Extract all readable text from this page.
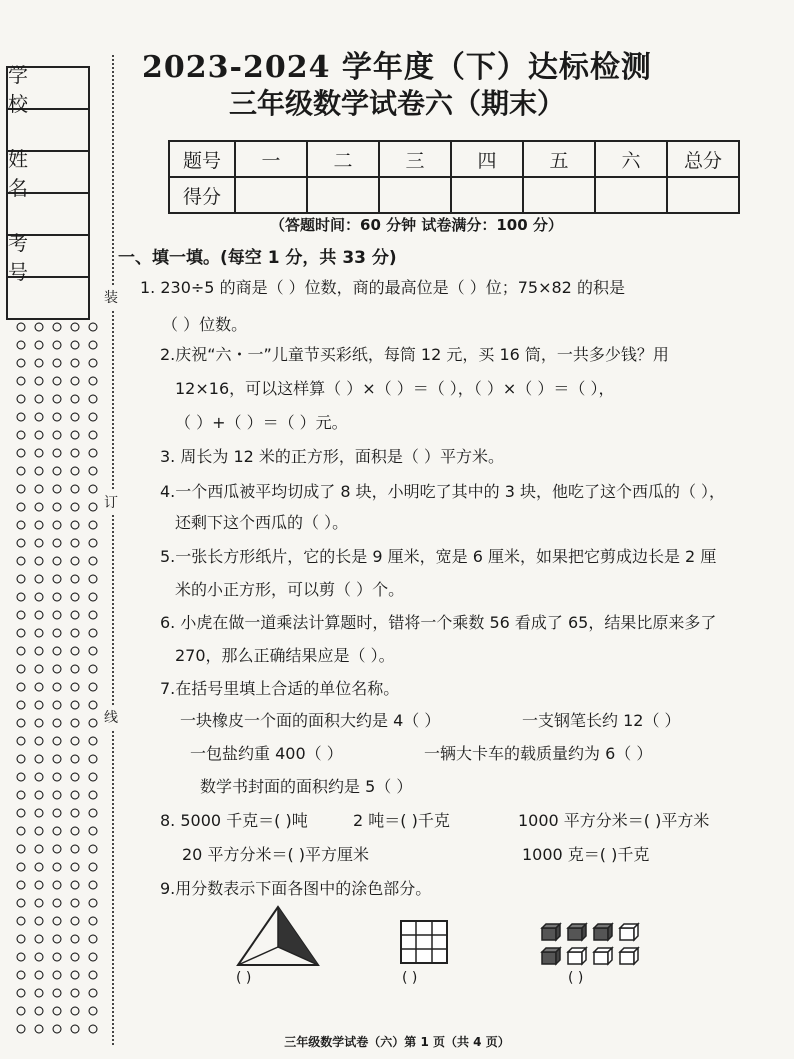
学 校
姓 名
考 号
装
订
线
2023-2024 学年度（下）达标检测
三年级数学试卷六（期末）
题号	一	二	三	四	五	六	总分
得分							
（答题时间：60 分钟 试卷满分：100 分）
一、填一填。(每空 1 分，共 33 分)
1. 230÷5 的商是（ ）位数，商的最高位是（ ）位；75×82 的积是
（ ）位数。
2.庆祝“六・一”儿童节买彩纸，每筒 12 元，买 16 筒，一共多少钱？用
12×16，可以这样算（ ）×（ ）＝（ ），（ ）×（ ）＝（ ），
（ ）+（ ）＝（ ）元。
3. 周长为 12 米的正方形，面积是（ ）平方米。
4.一个西瓜被平均切成了 8 块，小明吃了其中的 3 块，他吃了这个西瓜的（ ），
还剩下这个西瓜的（ ）。
5.一张长方形纸片，它的长是 9 厘米，宽是 6 厘米，如果把它剪成边长是 2 厘
米的小正方形，可以剪（ ）个。
6. 小虎在做一道乘法计算题时，错将一个乘数 56 看成了 65，结果比原来多了
270，那么正确结果应是（ ）。
7.在括号里填上合适的单位名称。
一块橡皮一个面的面积大约是 4（ ）	一支钢笔长约 12（ ）
一包盐约重 400（ ）	一辆大卡车的载质量约为 6（ ）
数学书封面的面积约是 5（ ）
8. 5000 千克＝( )吨	2 吨＝( )千克	1000 平方分米＝( )平方米
20 平方分米＝( )平方厘米	1000 克＝( )千克
9.用分数表示下面各图中的涂色部分。
( )	( )	( )
三年级数学试卷（六）第 1 页（共 4 页）
